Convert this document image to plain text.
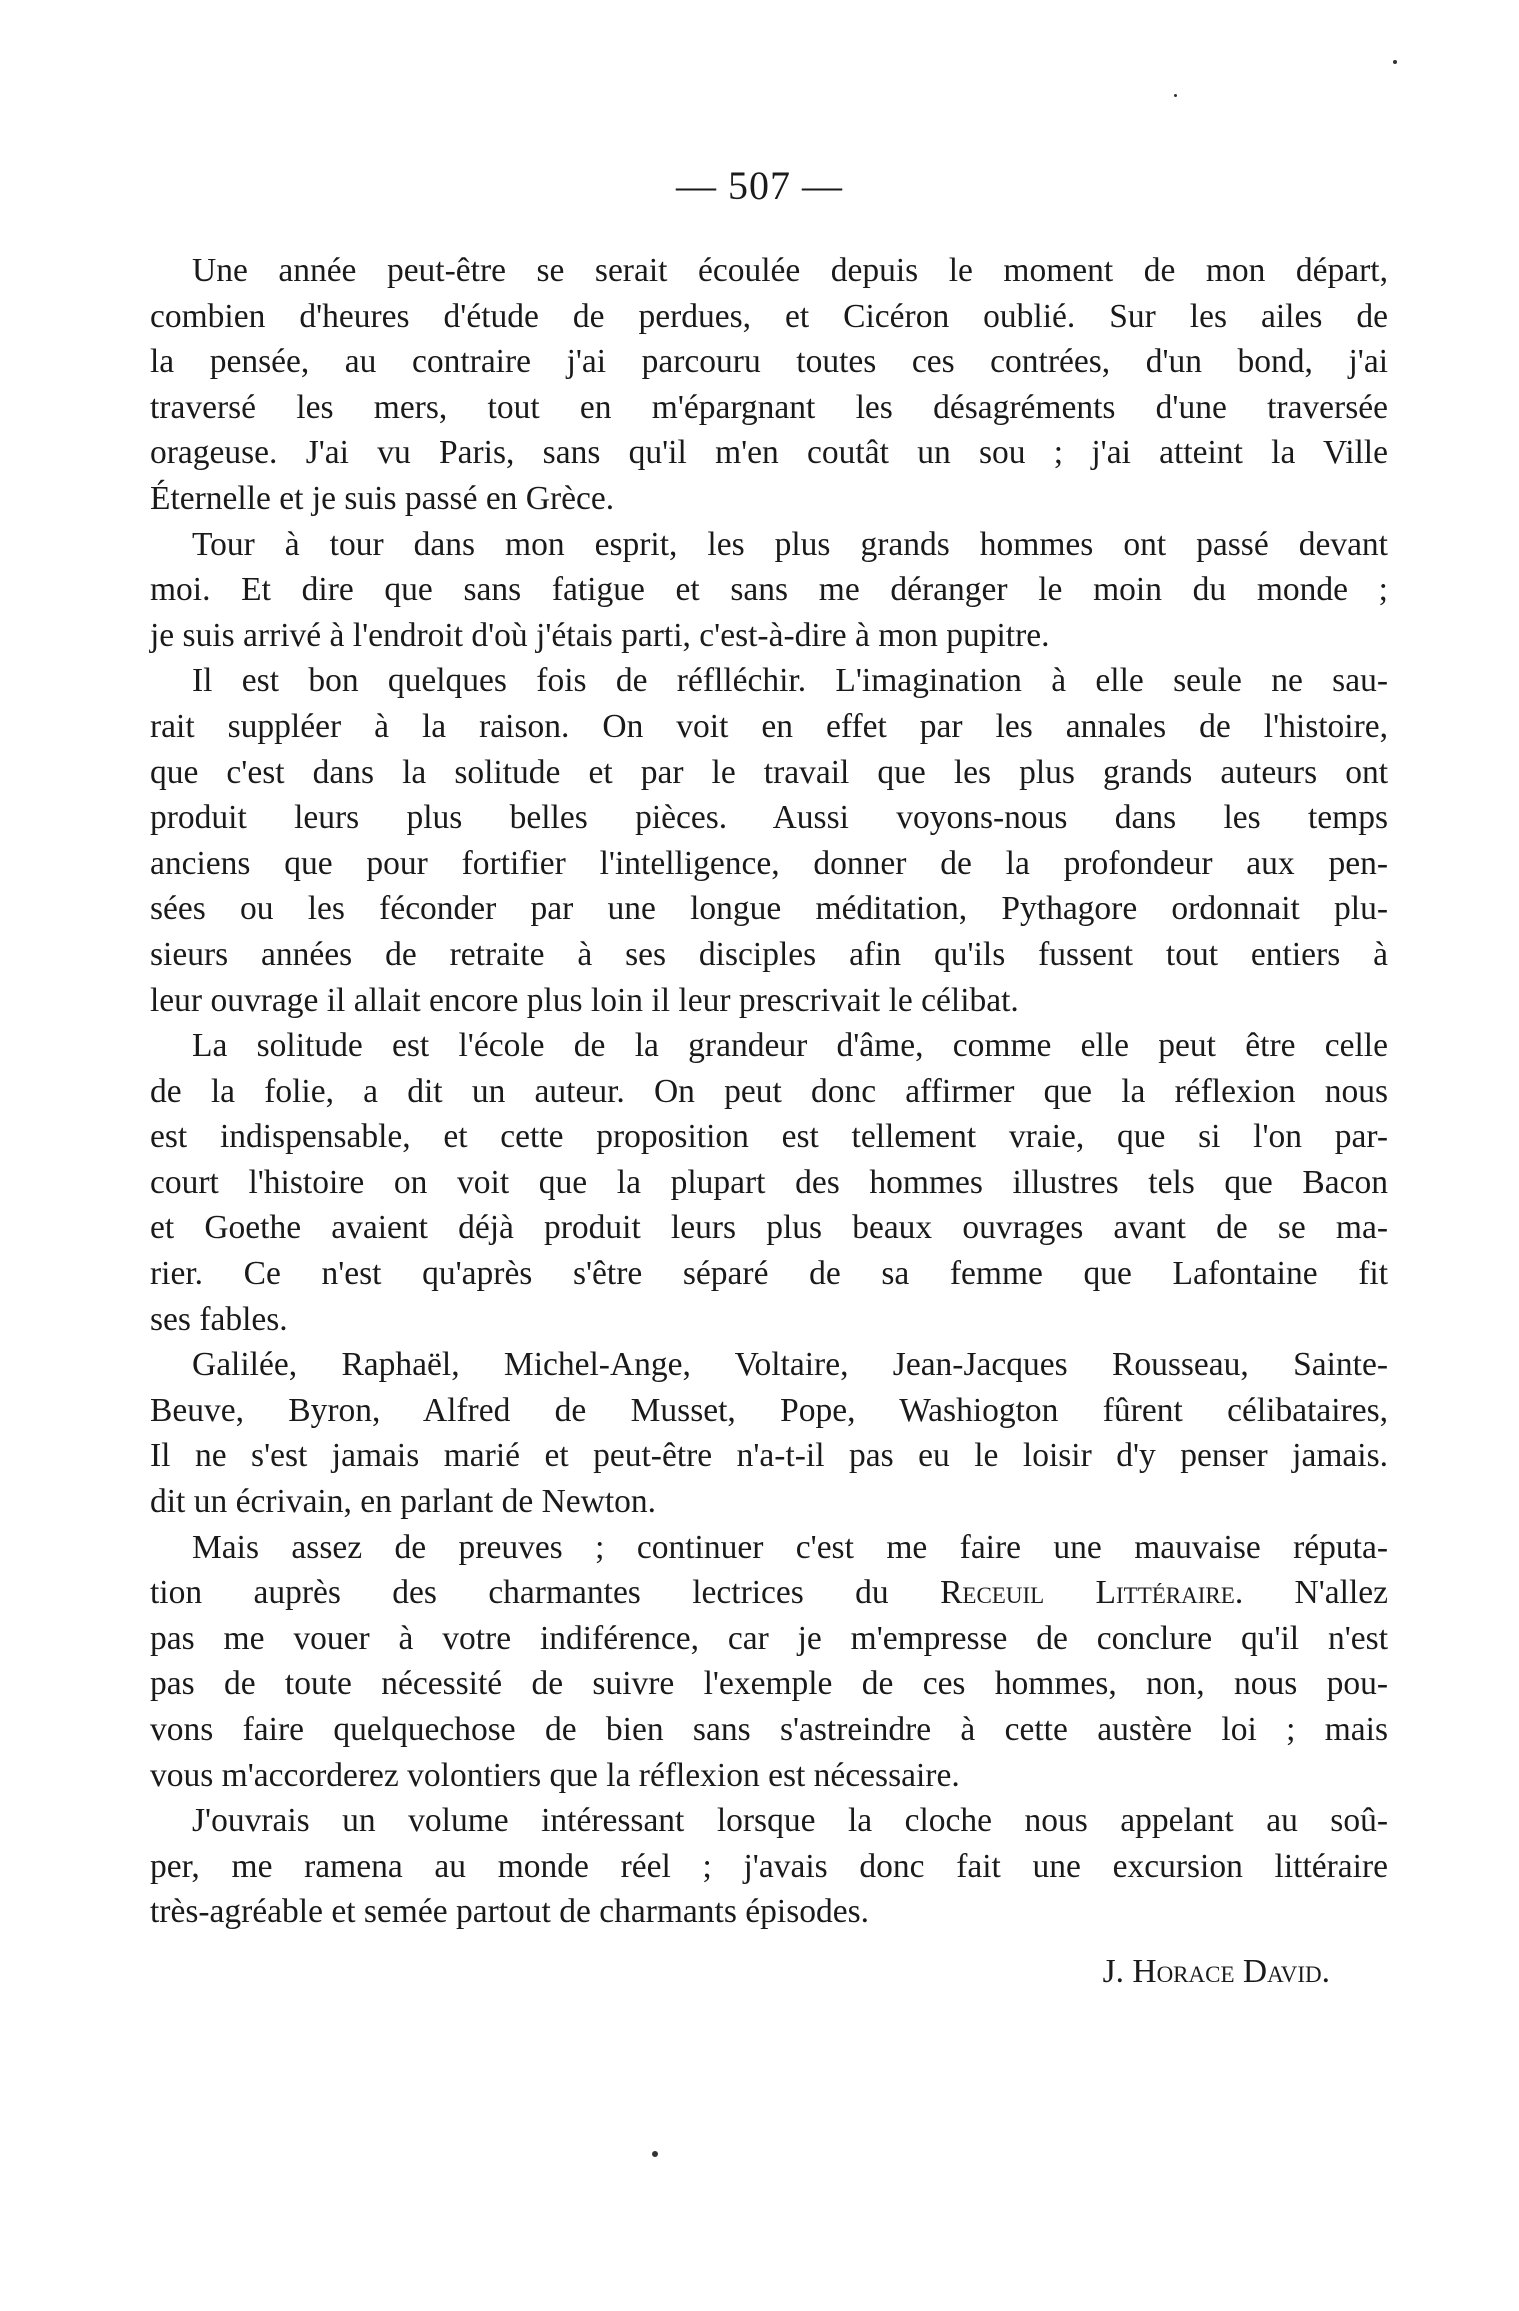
— 507 —
Une année peut-être se serait écoulée depuis le moment de mon départ,
combien d'heures d'étude de perdues, et Cicéron oublié. Sur les ailes de
la pensée, au contraire j'ai parcouru toutes ces contrées, d'un bond, j'ai
traversé les mers, tout en m'épargnant les désagréments d'une traversée
orageuse. J'ai vu Paris, sans qu'il m'en coutât un sou ; j'ai atteint la Ville
Éternelle et je suis passé en Grèce.
Tour à tour dans mon esprit, les plus grands hommes ont passé devant
moi. Et dire que sans fatigue et sans me déranger le moin du monde ;
je suis arrivé à l'endroit d'où j'étais parti, c'est-à-dire à mon pupitre.
Il est bon quelques fois de réflléchir. L'imagination à elle seule ne sau-
rait suppléer à la raison. On voit en effet par les annales de l'histoire,
que c'est dans la solitude et par le travail que les plus grands auteurs ont
produit leurs plus belles pièces. Aussi voyons-nous dans les temps
anciens que pour fortifier l'intelligence, donner de la profondeur aux pen-
sées ou les féconder par une longue méditation, Pythagore ordonnait plu-
sieurs années de retraite à ses disciples afin qu'ils fussent tout entiers à
leur ouvrage il allait encore plus loin il leur prescrivait le célibat.
La solitude est l'école de la grandeur d'âme, comme elle peut être celle
de la folie, a dit un auteur. On peut donc affirmer que la réflexion nous
est indispensable, et cette proposition est tellement vraie, que si l'on par-
court l'histoire on voit que la plupart des hommes illustres tels que Bacon
et Goethe avaient déjà produit leurs plus beaux ouvrages avant de se ma-
rier. Ce n'est qu'après s'être séparé de sa femme que Lafontaine fit
ses fables.
Galilée, Raphaël, Michel-Ange, Voltaire, Jean-Jacques Rousseau, Sainte-
Beuve, Byron, Alfred de Musset, Pope, Washiogton fûrent célibataires,
Il ne s'est jamais marié et peut-être n'a-t-il pas eu le loisir d'y penser jamais.
dit un écrivain, en parlant de Newton.
Mais assez de preuves ; continuer c'est me faire une mauvaise réputa-
tion auprès des charmantes lectrices du Receuil Littéraire. N'allez
pas me vouer à votre indiférence, car je m'empresse de conclure qu'il n'est
pas de toute nécessité de suivre l'exemple de ces hommes, non, nous pou-
vons faire quelquechose de bien sans s'astreindre à cette austère loi ; mais
vous m'accorderez volontiers que la réflexion est nécessaire.
J'ouvrais un volume intéressant lorsque la cloche nous appelant au soû-
per, me ramena au monde réel ; j'avais donc fait une excursion littéraire
très-agréable et semée partout de charmants épisodes.
J. Horace David.
